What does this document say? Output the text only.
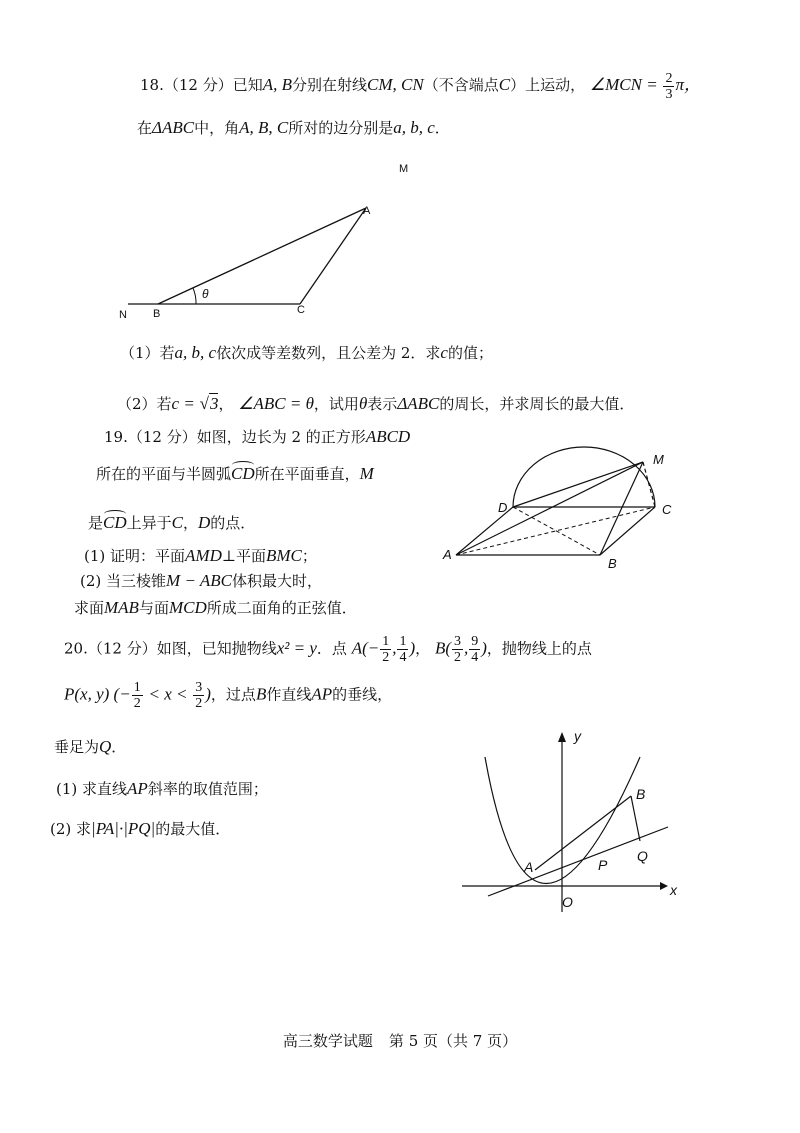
18.（12 分）已知A, B分别在射线CM, CN（不含端点C）上运动， ∠MCN = $\frac{2}{3}$ π，
在ΔABC中，角A, B, C所对的边分别是a, b, c．
M
A
N B	C
θ
（1）若a, b, c依次成等差数列，且公差为 2．求c的值；
（2）若c = √3， ∠ABC = θ，试用θ表示ΔABC的周长，并求周长的最大值．
19.（12 分）如图，边长为 2 的正方形ABCD
所在的平面与半圆弧CD所在平面垂直，M
是CD上异于C，D的点．
(1) 证明：平面AMD⊥平面BMC；
(2) 当三棱锥M − ABC体积最大时，
求面MAB与面MCD所成二面角的正弦值．
M
D	C
A
B
20.（12 分）如图，已知抛物线x² = y．点 $A(- \frac{1}{2}$ , $\frac{1}{4}$ )， $B( \frac{3}{2}$ , $\frac{9}{4}$ )，抛物线上的点
P(x, y) (− $\frac{1}{2} < x < \frac{3}{2}$ )，过点B作直线AP的垂线，
垂足为Q．
(1) 求直线AP斜率的取值范围；
(2) 求|PA|·|PQ|的最大值．
y
x
O
A
B
P
Q
高三数学试题 第 5 页（共 7 页）
